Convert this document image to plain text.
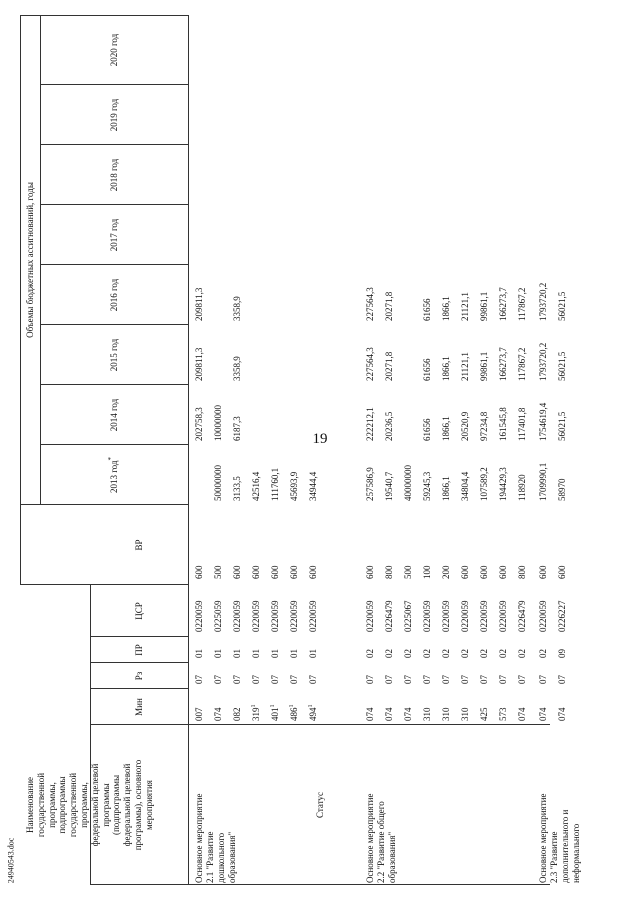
19
Статус
Наименование государственной программы, подпрограммы государственной программы, федеральной целевой программы (подпрограммы федеральной целевой программы), основного мероприятия
Мин
Рз
ПР
ЦСР
ВР
Объемы бюджетных ассигнований, годы
2013 год*
2014 год
2015 год
2016 год
2017 год
2018 год
2019 год
2020 год
Основное мероприятие 2.1 "Развитие дошкольного образования"	Основное мероприятие 2.2 "Развитие общего образования"	Основное мероприятие 2.3 "Развитие дополнительного и неформального
007
07
01
0220059
600
202758,3
209811,3
209811,3
074
07
01
0225059
500
50000000
10000000
082
07
01
0220059
600
3133,5
6187,3
3358,9
3358,9
$319^1$
07
01
0220059
600
42516,4
$401^1$
07
01
0220059
600
111760,1
$486^1$
07
01
0220059
600
45693,9
$494^1$
07
01
0220059
600
34944,4
074
07
02
0220059
600
257586,9
222212,1
227564,3
227564,3
074
07
02
0226479
800
19540,7
20236,5
20271,8
20271,8
074
07
02
0225067
500
40000000
310
07
02
0220059
100
59245,3
61656
61656
61656
310
07
02
0220059
200
1866,1
1866,1
1866,1
1866,1
310
07
02
0220059
600
34804,4
20520,9
21121,1
21121,1
425
07
02
0220059
600
107589,2
97234,8
99861,1
99861,1
573
07
02
0220059
600
194429,3
161545,8
166273,7
166273,7
074
07
02
0226479
800
118920
117401,8
117867,2
117867,2
074
07
02
0220059
600
1709990,1
1754619,4
1793720,2
1793720,2
074
07
09
0226227
600
58970
56021,5
56021,5
56021,5
24940543.doc
